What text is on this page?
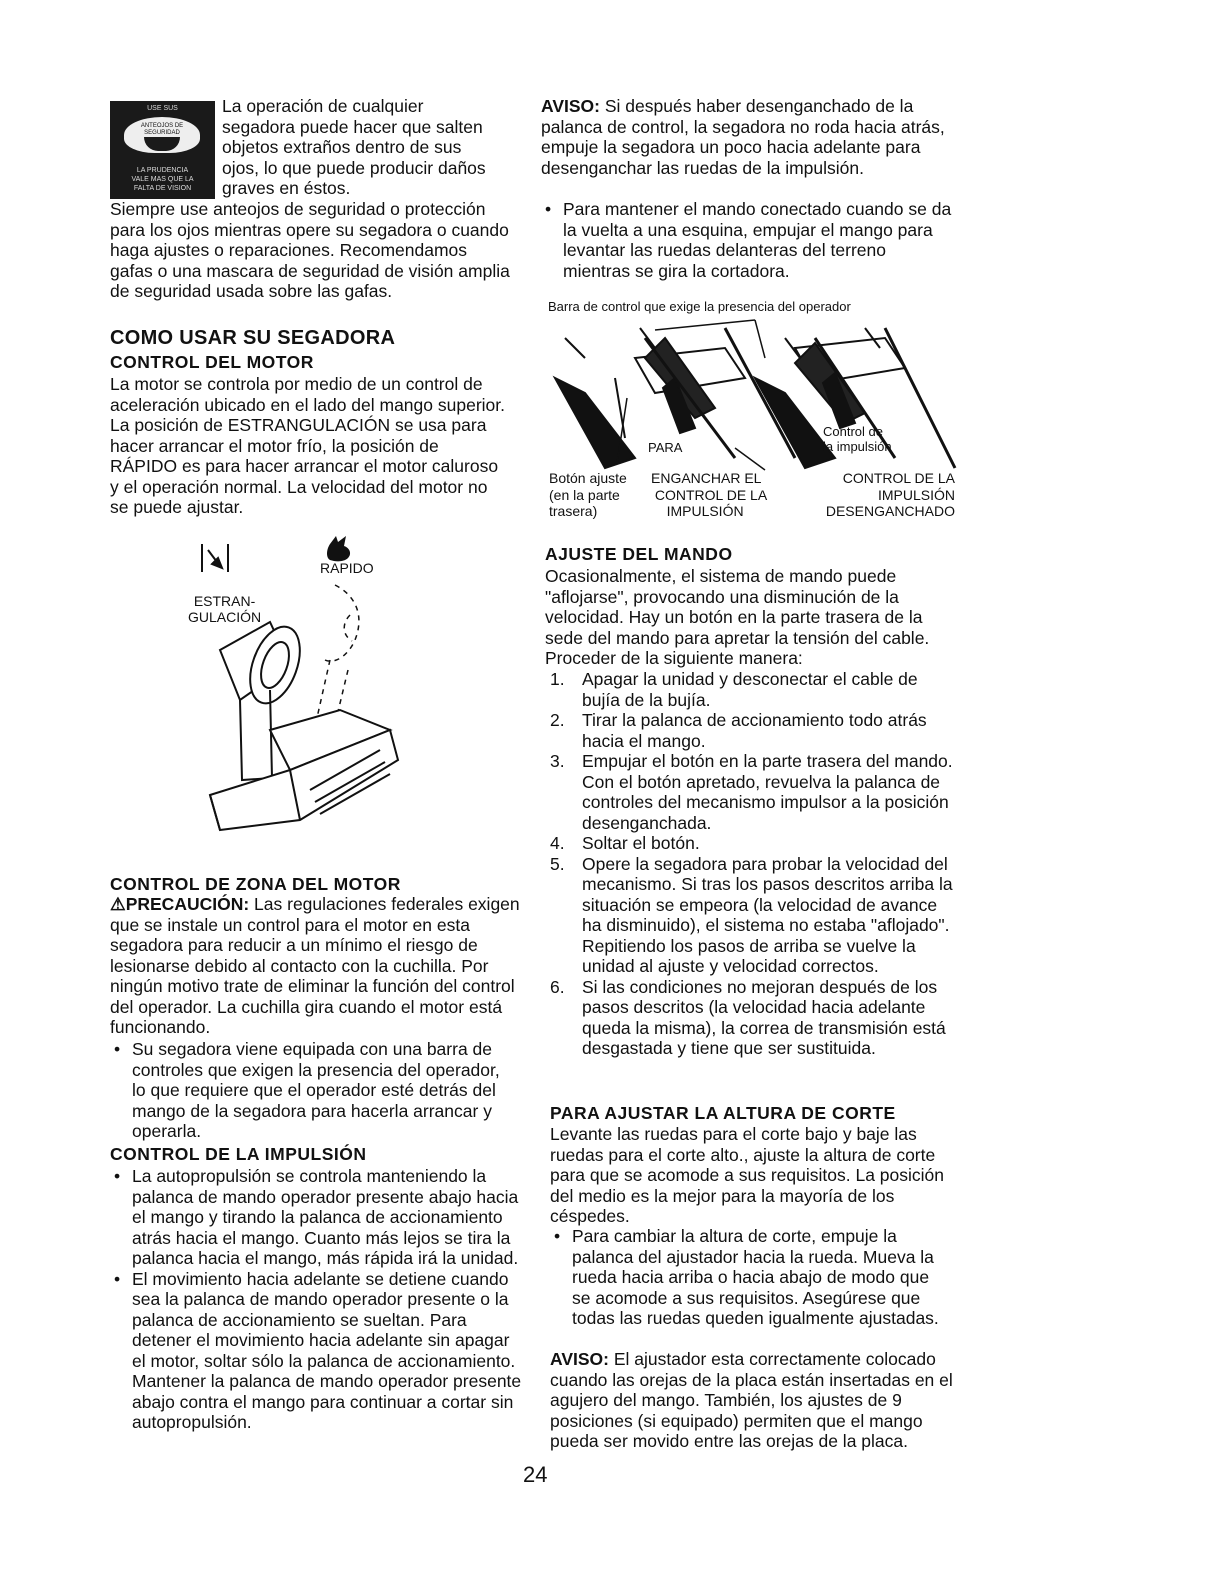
USE SUS
ANTEOJOS DE
SEGURIDAD
LA PRUDENCIA
VALE MAS QUE LA
FALTA DE VISION

La operación de cualquier segadora puede hacer que salten objetos extraños dentro de sus ojos, lo que puede producir daños graves en éstos.

Siempre use anteojos de seguridad o protección para los ojos mientras opere su segadora o cuando haga ajustes o reparaciones. Recomendamos gafas o una mascara de seguridad de visión amplia de seguridad usada sobre las gafas.

COMO USAR SU SEGADORA
CONTROL DEL MOTOR

La motor se controla por medio de un control de aceleración ubicado en el lado del mango superior. La posición de ESTRANGULACIÓN se usa para hacer arrancar el motor frío, la posición de RÁPIDO es para hacer arrancar el motor caluroso y el operación normal. La velocidad del motor no se puede ajustar.

RAPIDO
ESTRAN-
GULACIÓN
CONTROL DE ZONA DEL MOTOR

⚠PRECAUCIÓN: Las regulaciones federales exigen que se instale un control para el motor en esta segadora para reducir a un mínimo el riesgo de lesionarse debido al contacto con la cuchilla. Por ningún motivo trate de eliminar la función del control del operador. La cuchilla gira cuando el motor está funcionando.

• Su segadora viene equipada con una barra de controles que exigen la presencia del operador, lo que requiere que el operador esté detrás del mango de la segadora para hacerla arrancar y operarla.
CONTROL DE LA IMPULSIÓN
• La autopropulsión se controla manteniendo la palanca de mando operador presente abajo hacia el mango y tirando la palanca de accionamiento atrás hacia el mango. Cuanto más lejos se tira la palanca hacia el mango, más rápida irá la unidad.
• El movimiento hacia adelante se detiene cuando sea la palanca de mando operador presente o la palanca de accionamiento se sueltan. Para detener el movimiento hacia adelante sin apagar el motor, soltar sólo la palanca de accionamiento. Mantener la palanca de mando operador presente abajo contra el mango para continuar a cortar sin autopropulsión.

AVISO: Si después haber desenganchado de la palanca de control, la segadora no roda hacia atrás, empuje la segadora un poco hacia adelante para desenganchar las ruedas de la impulsión.

• Para mantener el mando conectado cuando se da la vuelta a una esquina, empujar el mango para levantar las ruedas delanteras del terreno mientras se gira la cortadora.
Barra de control que exige la presencia del operador
PARA
Control de
la impulsión
Botón ajuste
(en la parte
trasera)
ENGANCHAR EL
CONTROL DE LA
IMPULSIÓN
CONTROL DE LA
IMPULSIÓN
DESENGANCHADO
AJUSTE DEL MANDO

Ocasionalmente, el sistema de mando puede "aflojarse", provocando una disminución de la velocidad. Hay un botón en la parte trasera de la sede del mando para apretar la tensión del cable. Proceder de la siguiente manera:

1. Apagar la unidad y desconectar el cable de bujía de la bujía.
2. Tirar la palanca de accionamiento todo atrás hacia el mango.
3. Empujar el botón en la parte trasera del mando. Con el botón apretado, revuelva la palanca de controles del mecanismo impulsor a la posición desenganchada.
4. Soltar el botón.
5. Opere la segadora para probar la velocidad del mecanismo. Si tras los pasos descritos arriba la situación se empeora (la velocidad de avance ha disminuido), el sistema no estaba "aflojado". Repitiendo los pasos de arriba se vuelve la unidad al ajuste y velocidad correctos.
6. Si las condiciones no mejoran después de los pasos descritos (la velocidad hacia adelante queda la misma), la correa de transmisión está desgastada y tiene que ser sustituida.
PARA AJUSTAR LA ALTURA DE CORTE

Levante las ruedas para el corte bajo y baje las ruedas para el corte alto., ajuste la altura de corte para que se acomode a sus requisitos. La posición del medio es la mejor para la mayoría de los céspedes.

• Para cambiar la altura de corte, empuje la palanca del ajustador hacia la rueda. Mueva la rueda hacia arriba o hacia abajo de modo que se acomode a sus requisitos. Asegúrese que todas las ruedas queden igualmente ajustadas.

AVISO: El ajustador esta correctamente colocado cuando las orejas de la placa están insertadas en el agujero del mango. También, los ajustes de 9 posiciones (si equipado) permiten que el mango pueda ser movido entre las orejas de la placa.

24
